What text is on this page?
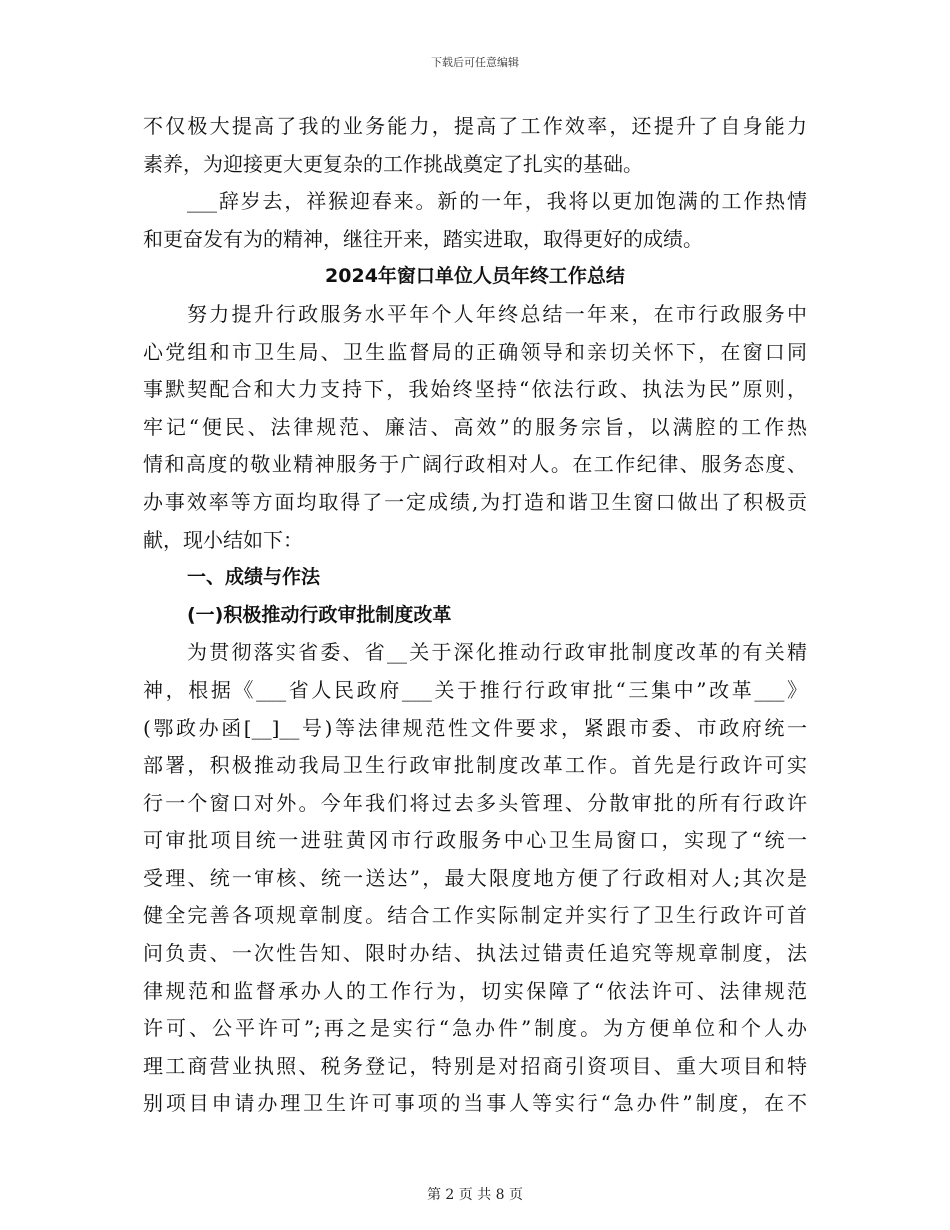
下载后可任意编辑
不仅极大提高了我的业务能力，提高了工作效率，还提升了自身能力
素养，为迎接更大更复杂的工作挑战奠定了扎实的基础。
___辞岁去，祥猴迎春来。新的一年，我将以更加饱满的工作热情
和更奋发有为的精神，继往开来，踏实进取，取得更好的成绩。
2024年窗口单位人员年终工作总结
努力提升行政服务水平年个人年终总结一年来，在市行政服务中
心党组和市卫生局、卫生监督局的正确领导和亲切关怀下，在窗口同
事默契配合和大力支持下，我始终坚持“依法行政、执法为民”原则，
牢记“便民、法律规范、廉洁、高效”的服务宗旨，以满腔的工作热
情和高度的敬业精神服务于广阔行政相对人。在工作纪律、服务态度、
办事效率等方面均取得了一定成绩,为打造和谐卫生窗口做出了积极贡
献，现小结如下：
一、成绩与作法
(一)积极推动行政审批制度改革
为贯彻落实省委、省__关于深化推动行政审批制度改革的有关精
神，根据《___省人民政府___关于推行行政审批“三集中”改革___》
(鄂政办函[__]__号)等法律规范性文件要求，紧跟市委、市政府统一
部署，积极推动我局卫生行政审批制度改革工作。首先是行政许可实
行一个窗口对外。今年我们将过去多头管理、分散审批的所有行政许
可审批项目统一进驻黄冈市行政服务中心卫生局窗口，实现了“统一
受理、统一审核、统一送达”，最大限度地方便了行政相对人;其次是
健全完善各项规章制度。结合工作实际制定并实行了卫生行政许可首
问负责、一次性告知、限时办结、执法过错责任追究等规章制度，法
律规范和监督承办人的工作行为，切实保障了“依法许可、法律规范
许可、公平许可”;再之是实行“急办件”制度。为方便单位和个人办
理工商营业执照、税务登记，特别是对招商引资项目、重大项目和特
别项目申请办理卫生许可事项的当事人等实行“急办件”制度，在不
第 2 页 共 8 页
